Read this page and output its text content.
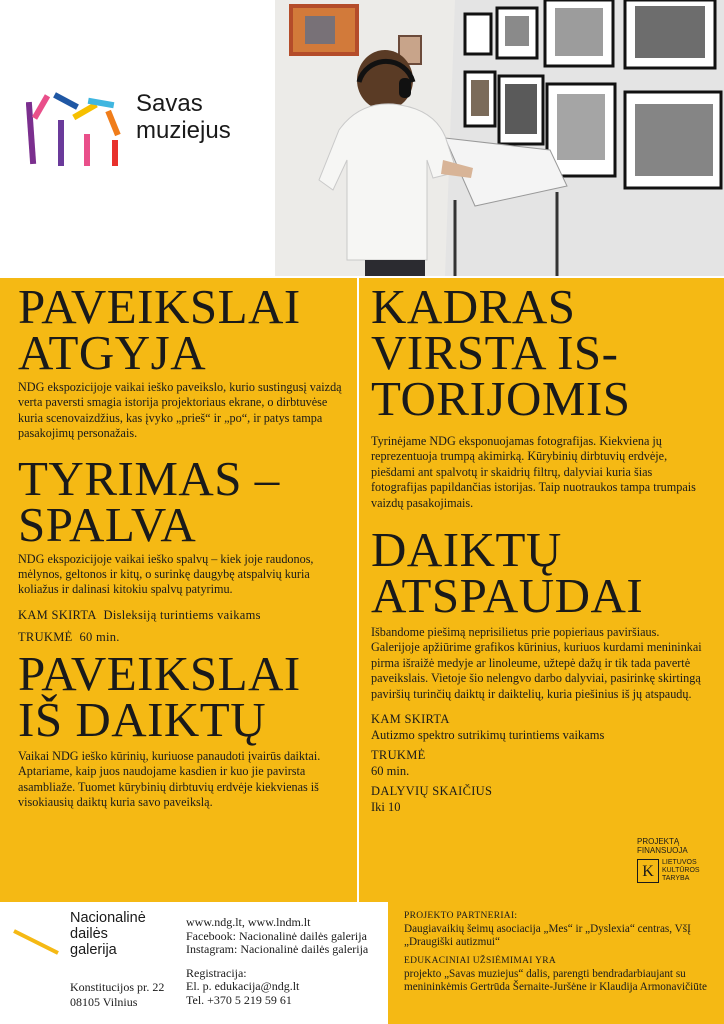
Savas
muziejus
PAVEIKSLAI
ATGYJA

NDG ekspozicijoje vaikai ieško paveikslo, kurio sustingusį vaizdą verta paversti smagia istorija projektoriaus ekrane, o dirbtuvėse kuria scenovaizdžius, kas įvyko „prieš“ ir „po“, ir patys tampa pasakojimų personažais.

TYRIMAS –
SPALVA

NDG ekspozicijoje vaikai ieško spalvų – kiek joje raudonos, mėlynos, geltonos ir kitų, o surinkę daugybę atspalvių kuria koliažus ir dalinasi kitokiu spalvų patyrimu.

KAM SKIRTA Disleksiją turintiems vaikams

TRUKMĖ 60 min.

PAVEIKSLAI
IŠ DAIKTŲ

Vaikai NDG ieško kūrinių, kuriuose panaudoti įvairūs daiktai. Aptariame, kaip juos naudojame kasdien ir kuo jie pavirsta asambliaže. Tuomet kūrybinių dirbtuvių erdvėje kiekvienas iš visokiausių daiktų kuria savo paveikslą.

KADRAS
VIRSTA IS-
TORIJOMIS

Tyrinėjame NDG eksponuojamas fotografijas. Kiekviena jų reprezentuoja trumpą akimirką. Kūrybinių dirbtuvių erdvėje, piešdami ant spalvotų ir skaidrių filtrų, dalyviai kuria šias fotografijas papildančias istorijas. Taip nuotraukos tampa trumpais vaizdų pasakojimais.

DAIKTŲ
ATSPAUDAI

Išbandome piešimą neprisilietus prie popieriaus paviršiaus. Galerijoje apžiūrime grafikos kūrinius, kuriuos kurdami menininkai pirma išraižė medyje ar linoleume, užtepė dažų ir tik tada pavertė paveikslais. Vietoje šio nelengvo darbo dalyviai, pasirinkę skirtingą paviršių turinčių daiktų ir daiktelių, kuria piešinius iš jų atspaudų.

KAM SKIRTA

Autizmo spektro sutrikimų turintiems vaikams

TRUKMĖ

60 min.

DALYVIŲ SKAIČIUS

Iki 10

PROJEKTĄ
FINANSUOJA
K	LIETUVOS
KULTŪROS
TARYBA
Nacionalinė
dailės
galerija
Konstitucijos pr. 22
08105 Vilnius
www.ndg.lt, www.lndm.lt
Facebook: Nacionalinė dailės galerija
Instagram: Nacionalinė dailės galerija
Registracija:
El. p. edukacija@ndg.lt
Tel. +370 5 219 59 61

PROJEKTO PARTNERIAI:

Daugiavaikių šeimų asociacija „Mes“ ir „Dyslexia“ centras, VšĮ „Draugiški autizmui“

EDUKACINIAI UŽSIĖMIMAI YRA

projekto „Savas muziejus“ dalis, parengti bendradarbiaujant su menininkėmis Gertrūda Šernaite-Juršėne ir Klaudija Armonavičiūte
